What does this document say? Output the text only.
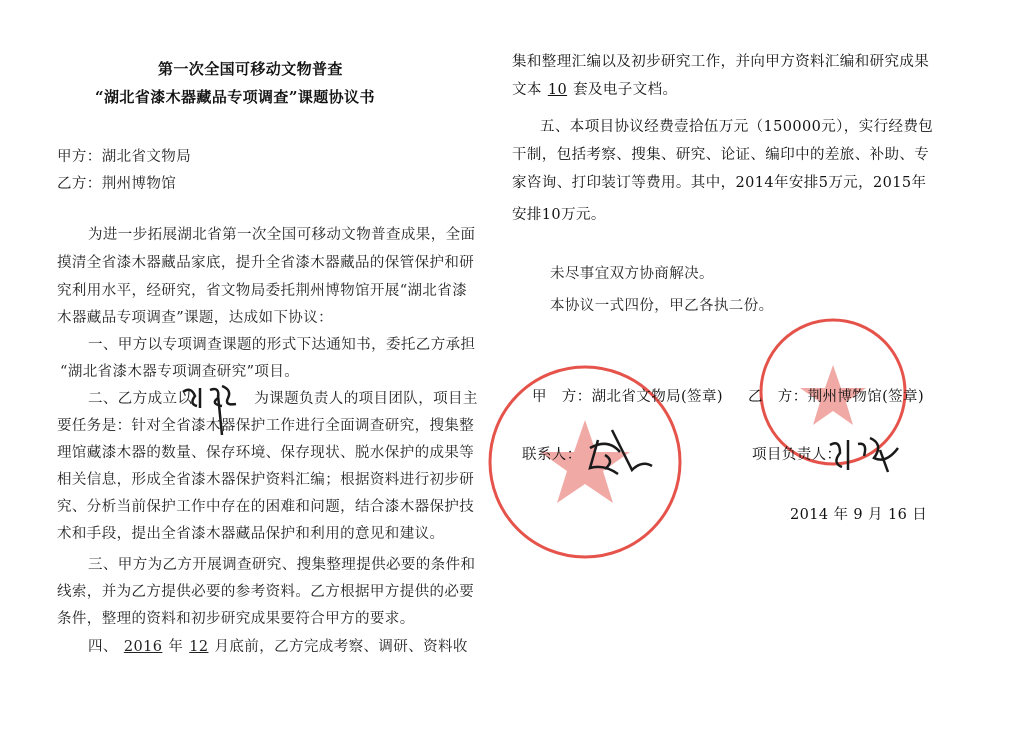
第一次全国可移动文物普查
“湖北省漆木器藏品专项调查”课题协议书
甲方：湖北省文物局
乙方：荆州博物馆
为进一步拓展湖北省第一次全国可移动文物普查成果，全面
摸清全省漆木器藏品家底，提升全省漆木器藏品的保管保护和研
究利用水平，经研究，省文物局委托荆州博物馆开展“湖北省漆
木器藏品专项调查”课题，达成如下协议：
一、甲方以专项调查课题的形式下达通知书，委托乙方承担
“湖北省漆木器专项调查研究”项目。
二、乙方成立以	为课题负责人的项目团队，项目主
要任务是：针对全省漆木器保护工作进行全面调查研究，搜集整
理馆藏漆木器的数量、保存环境、保存现状、脱水保护的成果等
相关信息，形成全省漆木器保护资料汇编；根据资料进行初步研
究、分析当前保护工作中存在的困难和问题，结合漆木器保护技
术和手段，提出全省漆木器藏品保护和利用的意见和建议。
三、甲方为乙方开展调查研究、搜集整理提供必要的条件和
线索，并为乙方提供必要的参考资料。乙方根据甲方提供的必要
条件，整理的资料和初步研究成果要符合甲方的要求。
四、 2016 年 12 月底前，乙方完成考察、调研、资料收
集和整理汇编以及初步研究工作，并向甲方资料汇编和研究成果
文本 10 套及电子文档。
五、本项目协议经费壹拾伍万元（150000元），实行经费包
干制，包括考察、搜集、研究、论证、编印中的差旅、补助、专
家咨询、打印装订等费用。其中，2014年安排5万元，2015年
安排10万元。
未尽事宜双方协商解决。
本协议一式四份，甲乙各执二份。
甲　方：湖北省文物局(签章) 乙　方：荆州博物馆(签章)
联系人：	项目负责人：
2014 年 9 月 16 日
